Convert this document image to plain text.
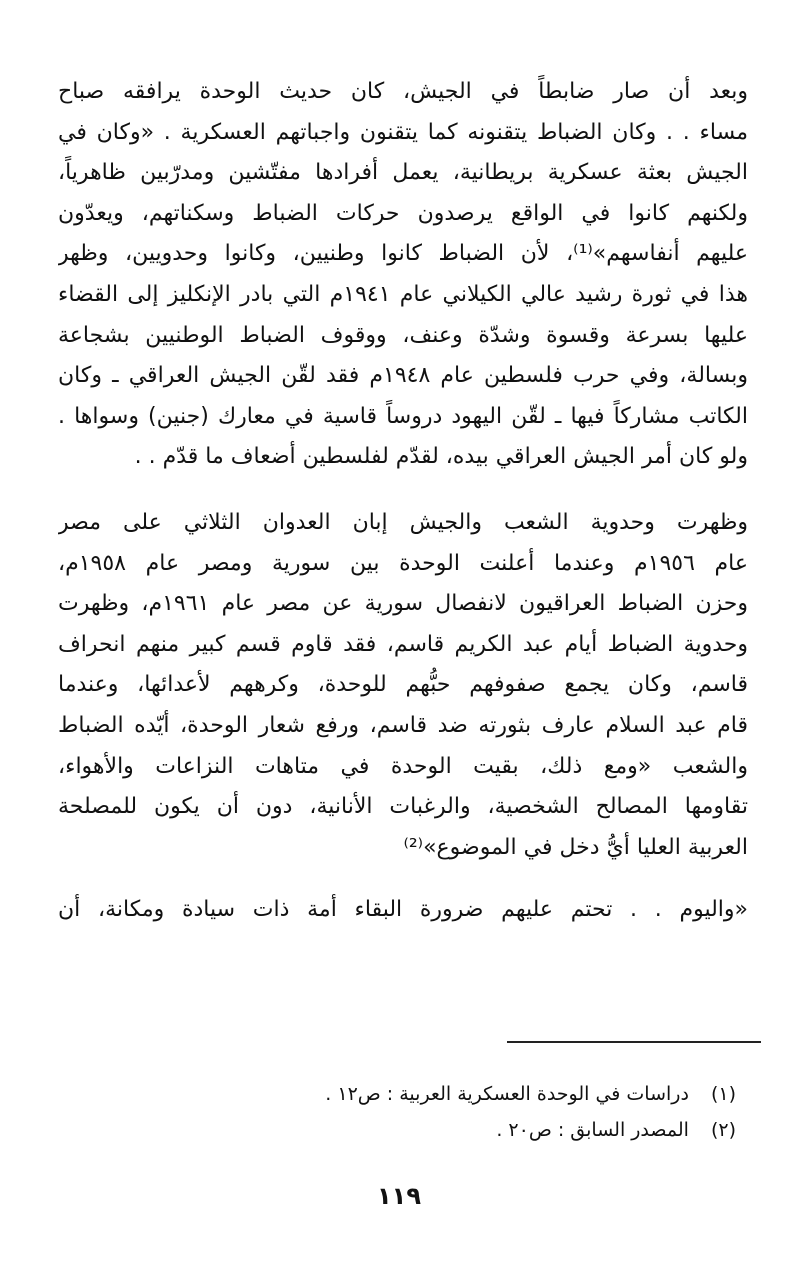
وبعد أن صار ضابطاً في الجيش، كان حديث الوحدة يرافقه صباح
مساء . . وكان الضباط يتقنونه كما يتقنون واجباتهم العسكرية . «وكان في
الجيش بعثة عسكرية بريطانية، يعمل أفرادها مفتّشين ومدرّبين ظاهرياً،
ولكنهم كانوا في الواقع يرصدون حركات الضباط وسكناتهم، ويعدّون
عليهم أنفاسهم»⁽¹⁾، لأن الضباط كانوا وطنيين، وكانوا وحدويين، وظهر
هذا في ثورة رشيد عالي الكيلاني عام ١٩٤١م التي بادر الإنكليز إلى القضاء
عليها بسرعة وقسوة وشدّة وعنف، ووقوف الضباط الوطنيين بشجاعة
وبسالة، وفي حرب فلسطين عام ١٩٤٨م فقد لقّن الجيش العراقي ـ وكان
الكاتب مشاركاً فيها ـ لقّن اليهود دروساً قاسية في معارك (جنين) وسواها .
ولو كان أمر الجيش العراقي بيده، لقدّم لفلسطين أضعاف ما قدّم . .
وظهرت وحدوية الشعب والجيش إبان العدوان الثلاثي على مصر
عام ١٩٥٦م وعندما أعلنت الوحدة بين سورية ومصر عام ١٩٥٨م،
وحزن الضباط العراقيون لانفصال سورية عن مصر عام ١٩٦١م، وظهرت
وحدوية الضباط أيام عبد الكريم قاسم، فقد قاوم قسم كبير منهم انحراف
قاسم، وكان يجمع صفوفهم حبُّهم للوحدة، وكرههم لأعدائها، وعندما
قام عبد السلام عارف بثورته ضد قاسم، ورفع شعار الوحدة، أيّده الضباط
والشعب «ومع ذلك، بقيت الوحدة في متاهات النزاعات والأهواء،
تقاومها المصالح الشخصية، والرغبات الأنانية، دون أن يكون للمصلحة
العربية العليا أيُّ دخل في الموضوع»⁽²⁾
«واليوم . . تحتم عليهم ضرورة البقاء أمة ذات سيادة ومكانة، أن
(١)دراسات في الوحدة العسكرية العربية : ص١٢ .
(٢)المصدر السابق : ص٢٠ .
١١٩
